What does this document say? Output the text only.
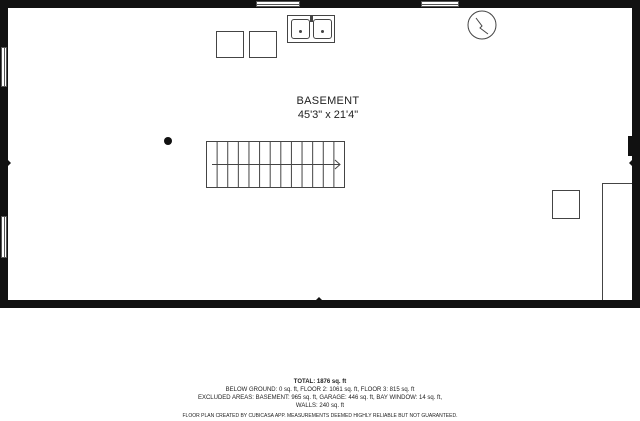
BASEMENT
45'3" x 21'4"
TOTAL: 1876 sq. ft
BELOW GROUND: 0 sq. ft, FLOOR 2: 1061 sq. ft, FLOOR 3: 815 sq. ft
EXCLUDED AREAS: BASEMENT: 965 sq. ft, GARAGE: 446 sq. ft, BAY WINDOW: 14 sq. ft,
WALLS: 240 sq. ft
FLOOR PLAN CREATED BY CUBICASA APP. MEASUREMENTS DEEMED HIGHLY RELIABLE BUT NOT GUARANTEED.
